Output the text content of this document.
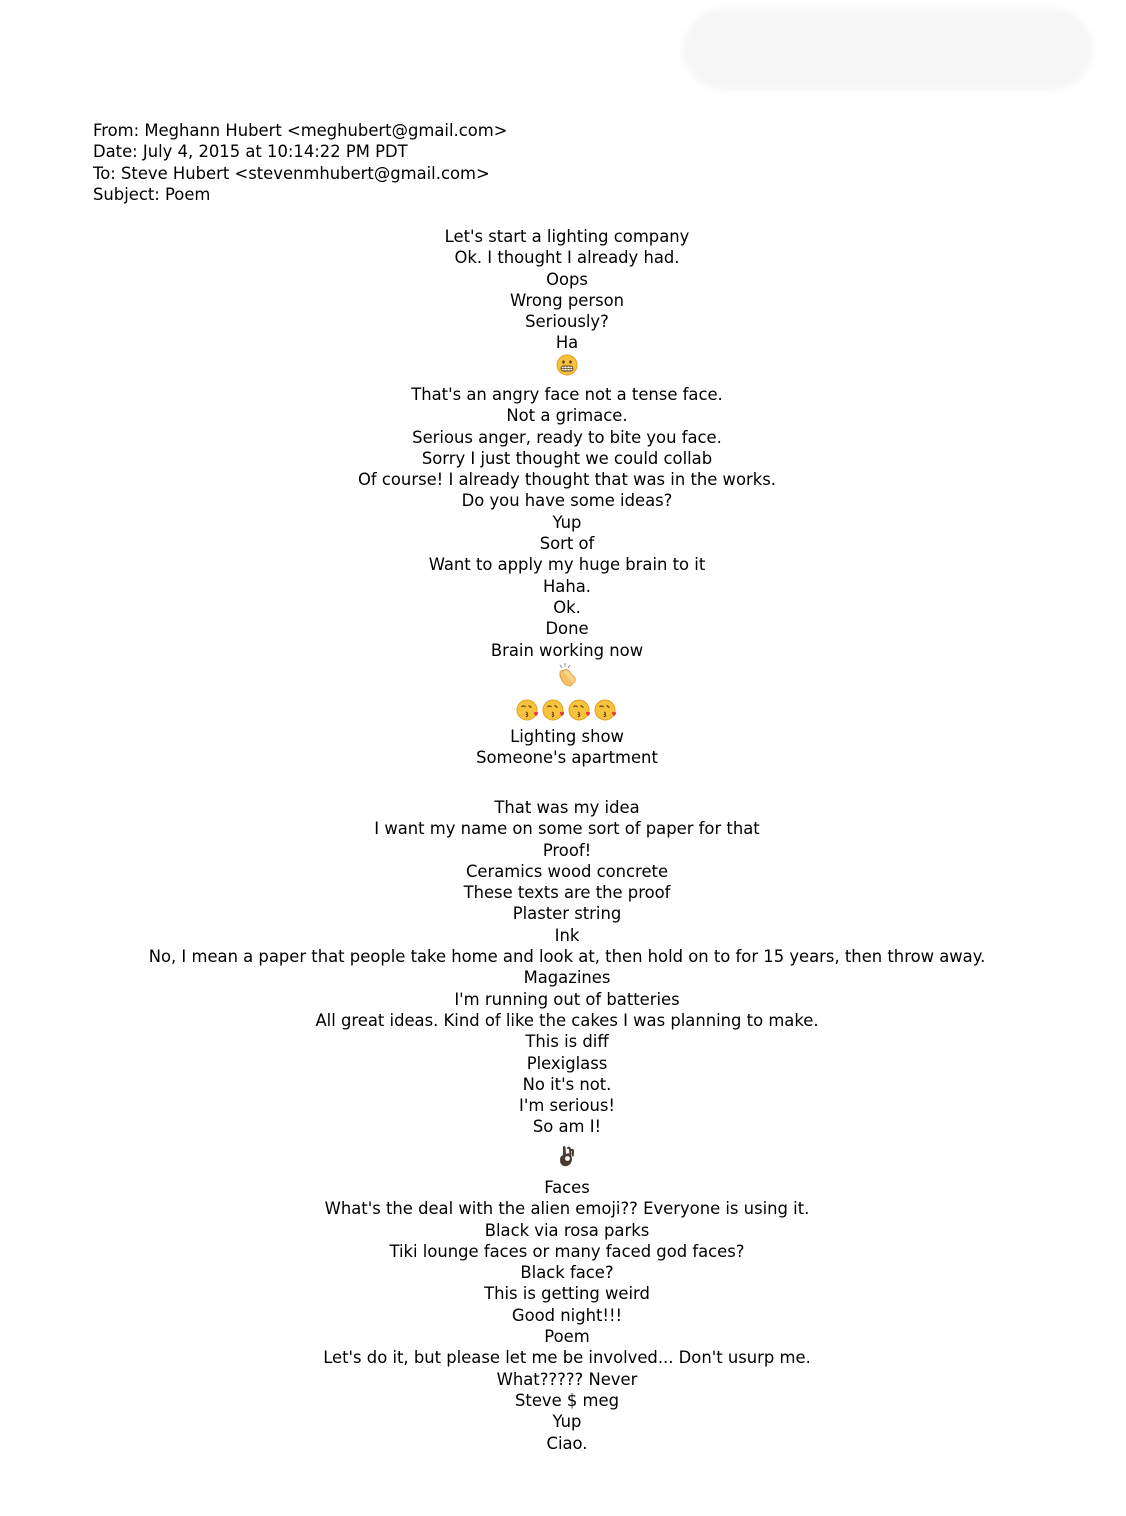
From: Meghann Hubert <meghubert@gmail.com>
Date: July 4, 2015 at 10:14:22 PM PDT
To: Steve Hubert <stevenmhubert@gmail.com>
Subject: Poem
Let's start a lighting company
Ok. I thought I already had.
Oops
Wrong person
Seriously?
Ha
That's an angry face not a tense face.
Not a grimace.
Serious anger, ready to bite you face.
Sorry I just thought we could collab
Of course! I already thought that was in the works.
Do you have some ideas?
Yup
Sort of
Want to apply my huge brain to it
Haha.
Ok.
Done
Brain working now
Lighting show
Someone's apartment
That was my idea
I want my name on some sort of paper for that
Proof!
Ceramics wood concrete
These texts are the proof
Plaster string
Ink
No, I mean a paper that people take home and look at, then hold on to for 15 years, then throw away.
Magazines
I'm running out of batteries
All great ideas. Kind of like the cakes I was planning to make.
This is diff
Plexiglass
No it's not.
I'm serious!
So am I!
Faces
What's the deal with the alien emoji?? Everyone is using it.
Black via rosa parks
Tiki lounge faces or many faced god faces?
Black face?
This is getting weird
Good night!!!
Poem
Let's do it, but please let me be involved... Don't usurp me.
What????? Never
Steve $ meg
Yup
Ciao.
